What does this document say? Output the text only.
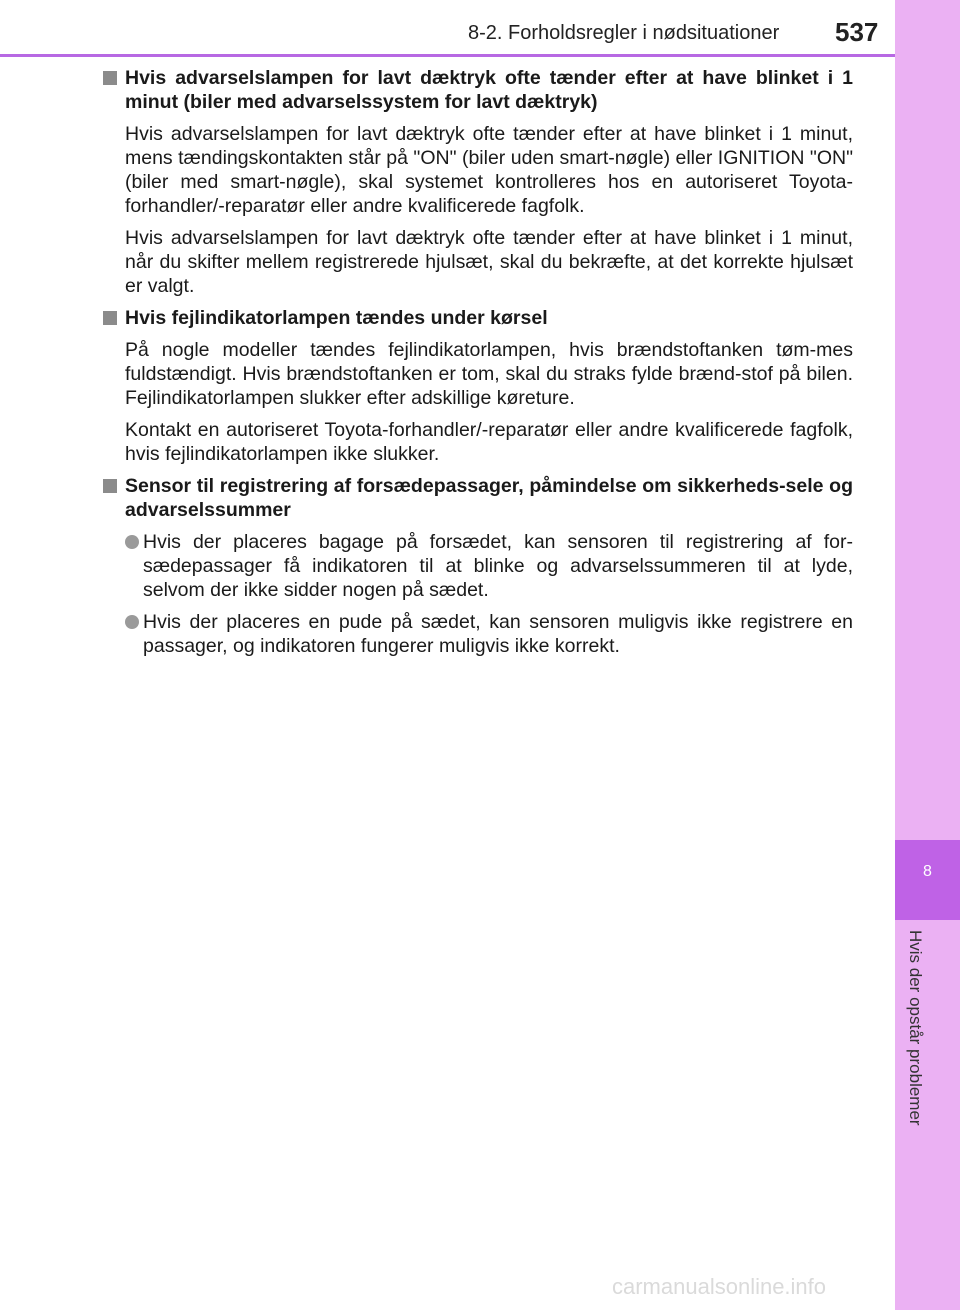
8
Hvis der opstår problemer
8-2. Forholdsregler i nødsituationer 537
Hvis advarselslampen for lavt dæktryk ofte tænder efter at have blinket i 1 minut (biler med advarselssystem for lavt dæktryk)

Hvis advarselslampen for lavt dæktryk ofte tænder efter at have blinket i 1 minut, mens tændingskontakten står på "ON" (biler uden smart-nøgle) eller IGNITION "ON" (biler med smart-nøgle), skal systemet kontrolleres hos en autoriseret Toyota-forhandler/-reparatør eller andre kvalificerede fagfolk.

Hvis advarselslampen for lavt dæktryk ofte tænder efter at have blinket i 1 minut, når du skifter mellem registrerede hjulsæt, skal du bekræfte, at det korrekte hjulsæt er valgt.

Hvis fejlindikatorlampen tændes under kørsel

På nogle modeller tændes fejlindikatorlampen, hvis brændstoftanken tøm-mes fuldstændigt. Hvis brændstoftanken er tom, skal du straks fylde brænd-stof på bilen. Fejlindikatorlampen slukker efter adskillige køreture.

Kontakt en autoriseret Toyota-forhandler/-reparatør eller andre kvalificerede fagfolk, hvis fejlindikatorlampen ikke slukker.

Sensor til registrering af forsædepassager, påmindelse om sikkerheds-sele og advarselssummer
Hvis der placeres bagage på forsædet, kan sensoren til registrering af for-sædepassager få indikatoren til at blinke og advarselssummeren til at lyde, selvom der ikke sidder nogen på sædet.
Hvis der placeres en pude på sædet, kan sensoren muligvis ikke registrere en passager, og indikatoren fungerer muligvis ikke korrekt.
carmanualsonline.info
